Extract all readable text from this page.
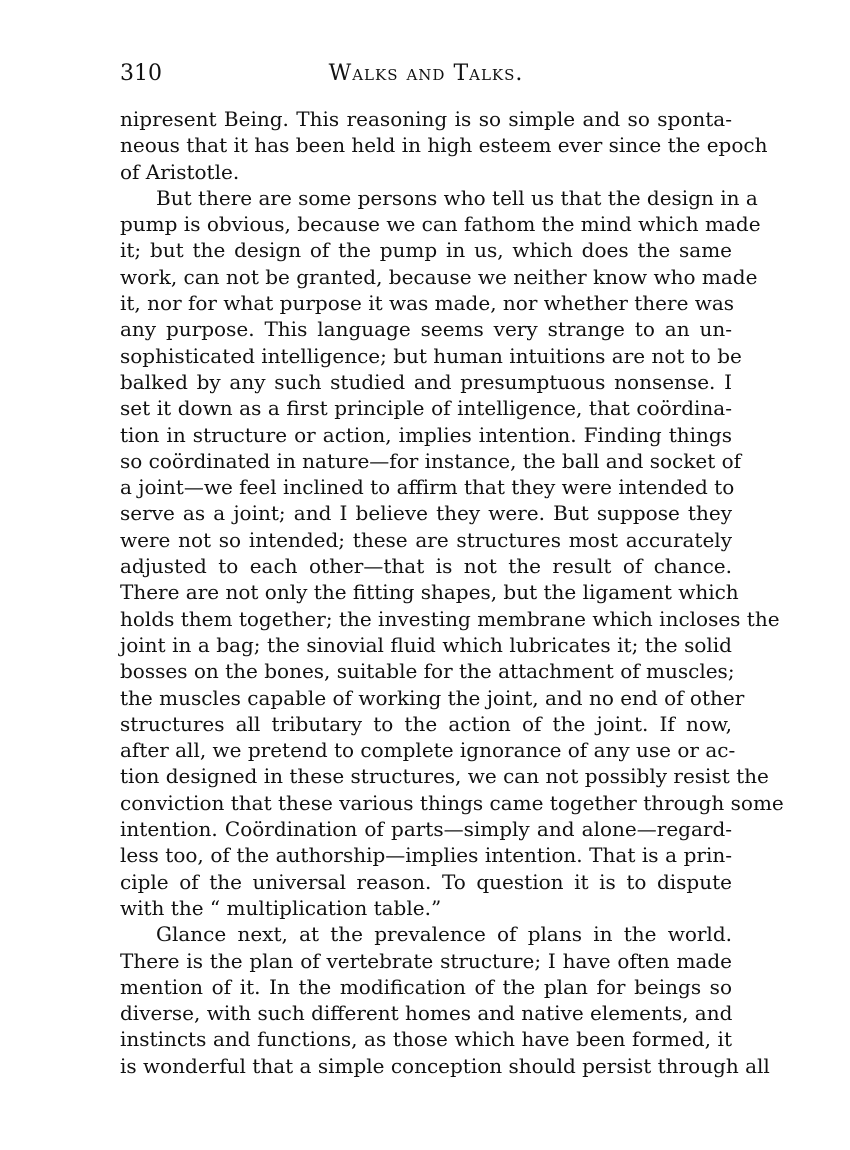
310	Walks and Talks.

nipresent Being. This reasoning is so simple and so sponta-
neous that it has been held in high esteem ever since the epoch
of Aristotle.

But there are some persons who tell us that the design in a
pump is obvious, because we can fathom the mind which made
it; but the design of the pump in us, which does the same
work, can not be granted, because we neither know who made
it, nor for what purpose it was made, nor whether there was
any purpose. This language seems very strange to an un-
sophisticated intelligence; but human intuitions are not to be
balked by any such studied and presumptuous nonsense. I
set it down as a first principle of intelligence, that coördina-
tion in structure or action, implies intention. Finding things
so coördinated in nature—for instance, the ball and socket of
a joint—we feel inclined to affirm that they were intended to
serve as a joint; and I believe they were. But suppose they
were not so intended; these are structures most accurately
adjusted to each other—that is not the result of chance.
There are not only the fitting shapes, but the ligament which
holds them together; the investing membrane which incloses the
joint in a bag; the sinovial fluid which lubricates it; the solid
bosses on the bones, suitable for the attachment of muscles;
the muscles capable of working the joint, and no end of other
structures all tributary to the action of the joint. If now,
after all, we pretend to complete ignorance of any use or ac-
tion designed in these structures, we can not possibly resist the
conviction that these various things came together through some
intention. Coördination of parts—simply and alone—regard-
less too, of the authorship—implies intention. That is a prin-
ciple of the universal reason. To question it is to dispute
with the “ multiplication table.”

Glance next, at the prevalence of plans in the world.
There is the plan of vertebrate structure; I have often made
mention of it. In the modification of the plan for beings so
diverse, with such different homes and native elements, and
instincts and functions, as those which have been formed, it
is wonderful that a simple conception should persist through all
